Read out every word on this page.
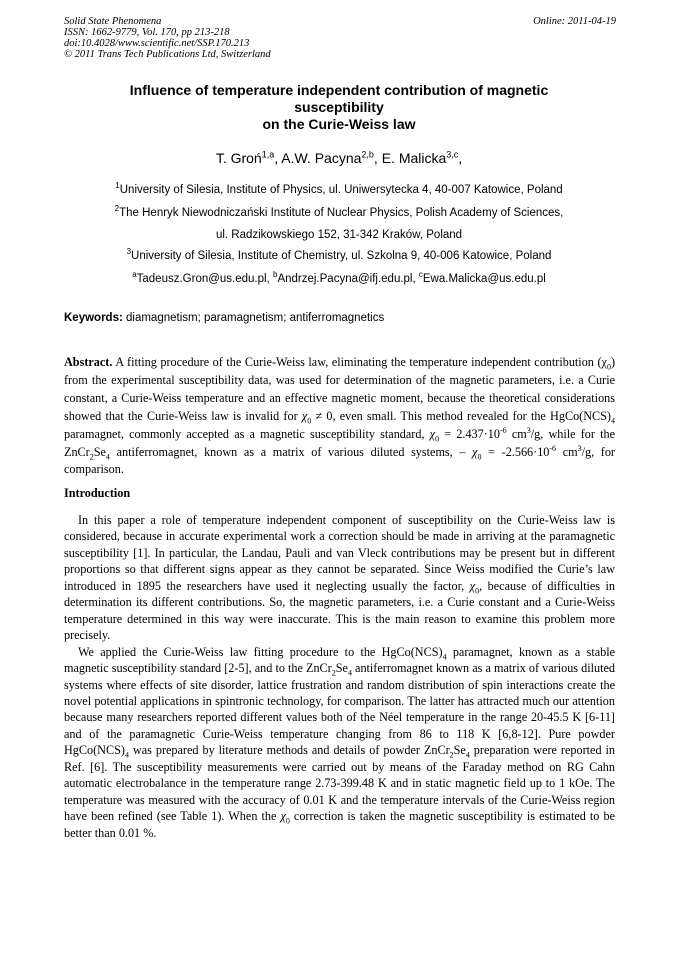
Solid State Phenomena
ISSN: 1662-9779, Vol. 170, pp 213-218
doi:10.4028/www.scientific.net/SSP.170.213
© 2011 Trans Tech Publications Ltd, Switzerland
Online: 2011-04-19
Influence of temperature independent contribution of magnetic
susceptibility
on the Curie-Weiss law
T. Groń$^{1,a}$, A.W. Pacyna$^{2,b}$, E. Malicka$^{3,c}$,
$^1$University of Silesia, Institute of Physics, ul. Uniwersytecka 4, 40-007 Katowice, Poland
$^2$The Henryk Niewodniczański Institute of Nuclear Physics, Polish Academy of Sciences,
ul. Radzikowskiego 152, 31-342 Kraków, Poland
$^3$University of Silesia, Institute of Chemistry, ul. Szkolna 9, 40-006 Katowice, Poland
$^a$Tadeusz.Gron@us.edu.pl, $^b$Andrzej.Pacyna@ifj.edu.pl, $^c$Ewa.Malicka@us.edu.pl
Keywords: diamagnetism; paramagnetism; antiferromagnetics
Abstract. A fitting procedure of the Curie-Weiss law, eliminating the temperature independent contribution $(\chi_0)$ from the experimental susceptibility data, was used for determination of the magnetic parameters, i.e. a Curie constant, a Curie-Weiss temperature and an effective magnetic moment, because the theoretical considerations showed that the Curie-Weiss law is invalid for $\chi_0 \ne 0$, even small. This method revealed for the $HgCo(NCS)_4$ paramagnet, commonly accepted as a magnetic susceptibility standard, $\chi_0 = 2.437\cdot 10^{-6}$ $cm^3/g$, while for the $ZnCr_2Se_4$ antiferromagnet, known as a matrix of various diluted systems, – $\chi_0 = -2.566\cdot 10^{-6}$ $cm^3/g$, for comparison.
Introduction

In this paper a role of temperature independent component of susceptibility on the Curie-Weiss law is considered, because in accurate experimental work a correction should be made in arriving at the paramagnetic susceptibility [1]. In particular, the Landau, Pauli and van Vleck contributions may be present but in different proportions so that different signs appear as they cannot be separated. Since Weiss modified the Curie’s law introduced in 1895 the researchers have used it neglecting usually the factor, $\chi_0$, because of difficulties in determination its different contributions. So, the magnetic parameters, i.e. a Curie constant and a Curie-Weiss temperature determined in this way were inaccurate. This is the main reason to examine this problem more precisely.

We applied the Curie-Weiss law fitting procedure to the $HgCo(NCS)_4$ paramagnet, known as a stable magnetic susceptibility standard [2-5], and to the $ZnCr_2Se_4$ antiferromagnet known as a matrix of various diluted systems where effects of site disorder, lattice frustration and random distribution of spin interactions create the novel potential applications in spintronic technology, for comparison. The latter has attracted much our attention because many researchers reported different values both of the Néel temperature in the range 20-45.5 K [6-11] and of the paramagnetic Curie-Weiss temperature changing from 86 to 118 K [6,8-12]. Pure powder $HgCo(NCS)_4$ was prepared by literature methods and details of powder $ZnCr_2Se_4$ preparation were reported in Ref. [6]. The susceptibility measurements were carried out by means of the Faraday method on RG Cahn automatic electrobalance in the temperature range 2.73-399.48 K and in static magnetic field up to 1 kOe. The temperature was measured with the accuracy of 0.01 K and the temperature intervals of the Curie-Weiss region have been refined (see Table 1). When the $\chi_0$ correction is taken the magnetic susceptibility is estimated to be better than 0.01 %.
